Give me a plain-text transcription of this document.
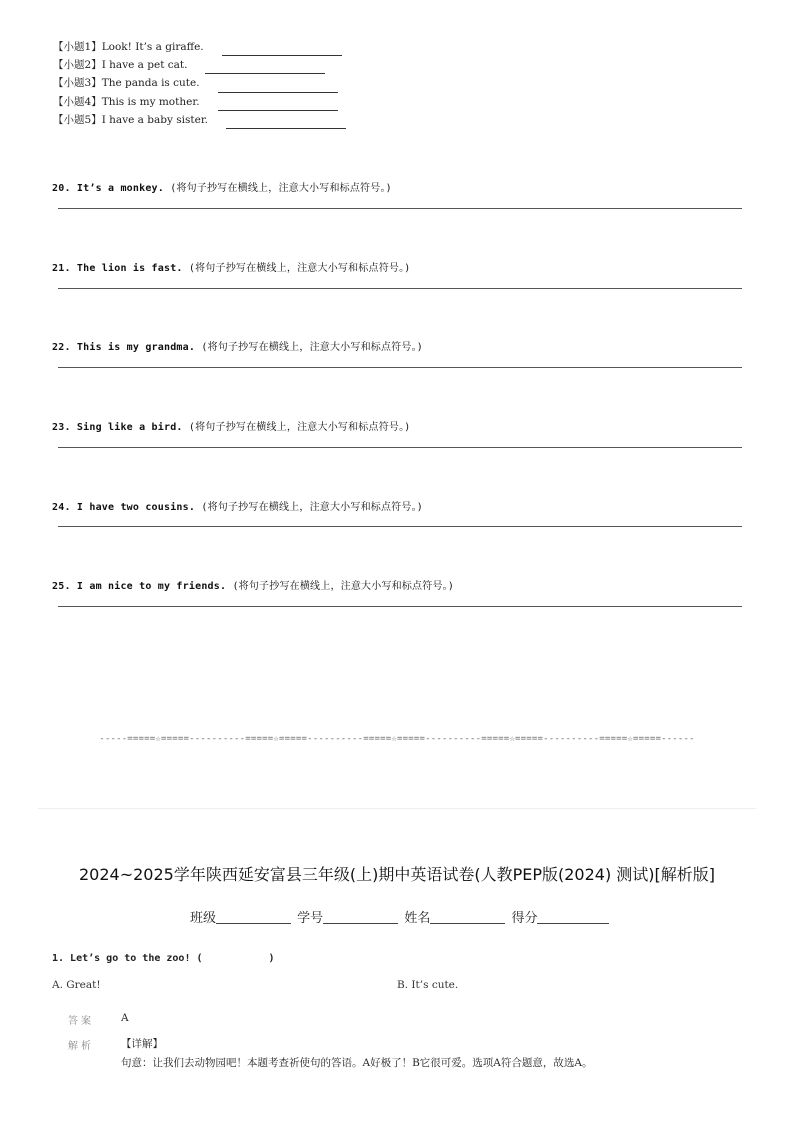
【小题1】Look! It’s a giraffe.
【小题2】I have a pet cat.
【小题3】The panda is cute.
【小题4】This is my mother.
【小题5】I have a baby sister.
20. It’s a monkey. (将句子抄写在横线上，注意大小写和标点符号。)
21. The lion is fast. (将句子抄写在横线上，注意大小写和标点符号。)
22. This is my grandma. (将句子抄写在横线上，注意大小写和标点符号。)
23. Sing like a bird. (将句子抄写在横线上，注意大小写和标点符号。)
24. I have two cousins. (将句子抄写在横线上，注意大小写和标点符号。)
25. I am nice to my friends. (将句子抄写在横线上，注意大小写和标点符号。)
-----=====☆=====----------=====☆=====----------=====☆=====----------=====☆=====----------=====☆=====------
2024~2025学年陕西延安富县三年级(上)期中英语试卷(人教PEP版(2024) 测试)[解析版]
班级	学号	姓名	得分
1. Let’s go to the zoo! (	)
A. Great!	B. It’s cute.
答案	A
解析	【详解】
句意：让我们去动物园吧！本题考查祈使句的答语。A好极了！B它很可爱。选项A符合题意，故选A。
